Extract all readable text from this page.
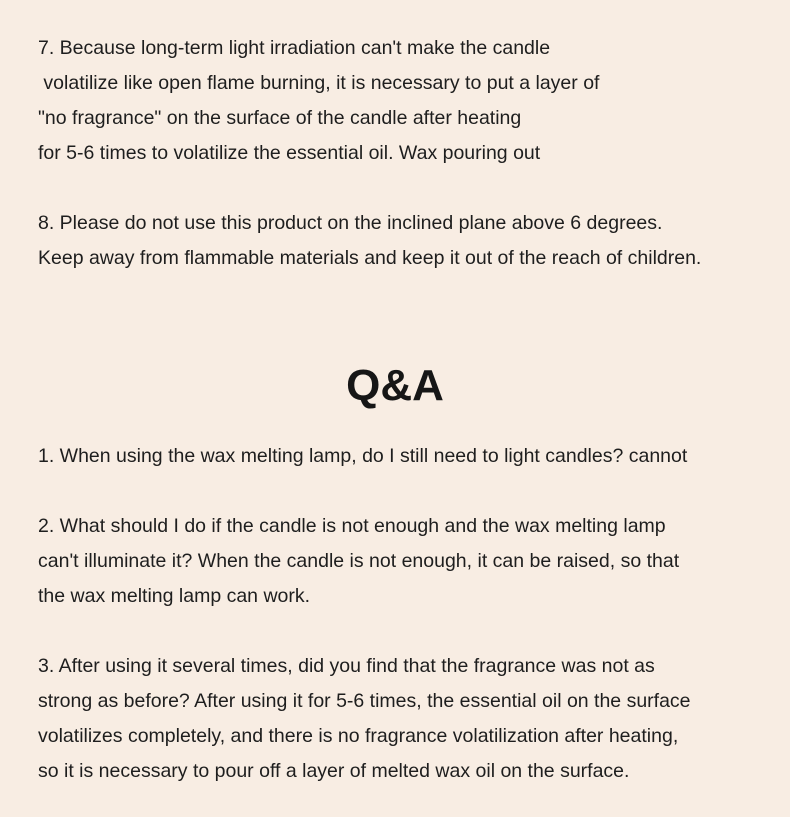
7. Because long-term light irradiation can't make the candle
volatilize like open flame burning, it is necessary to put a layer of
"no fragrance" on the surface of the candle after heating
for 5-6 times to volatilize the essential oil. Wax pouring out

8. Please do not use this product on the inclined plane above 6 degrees.
Keep away from flammable materials and keep it out of the reach of children.

Q&A

1. When using the wax melting lamp, do I still need to light candles? cannot

2. What should I do if the candle is not enough and the wax melting lamp
can't illuminate it? When the candle is not enough, it can be raised, so that
the wax melting lamp can work.

3. After using it several times, did you find that the fragrance was not as
strong as before? After using it for 5-6 times, the essential oil on the surface
volatilizes completely, and there is no fragrance volatilization after heating,
so it is necessary to pour off a layer of melted wax oil on the surface.
